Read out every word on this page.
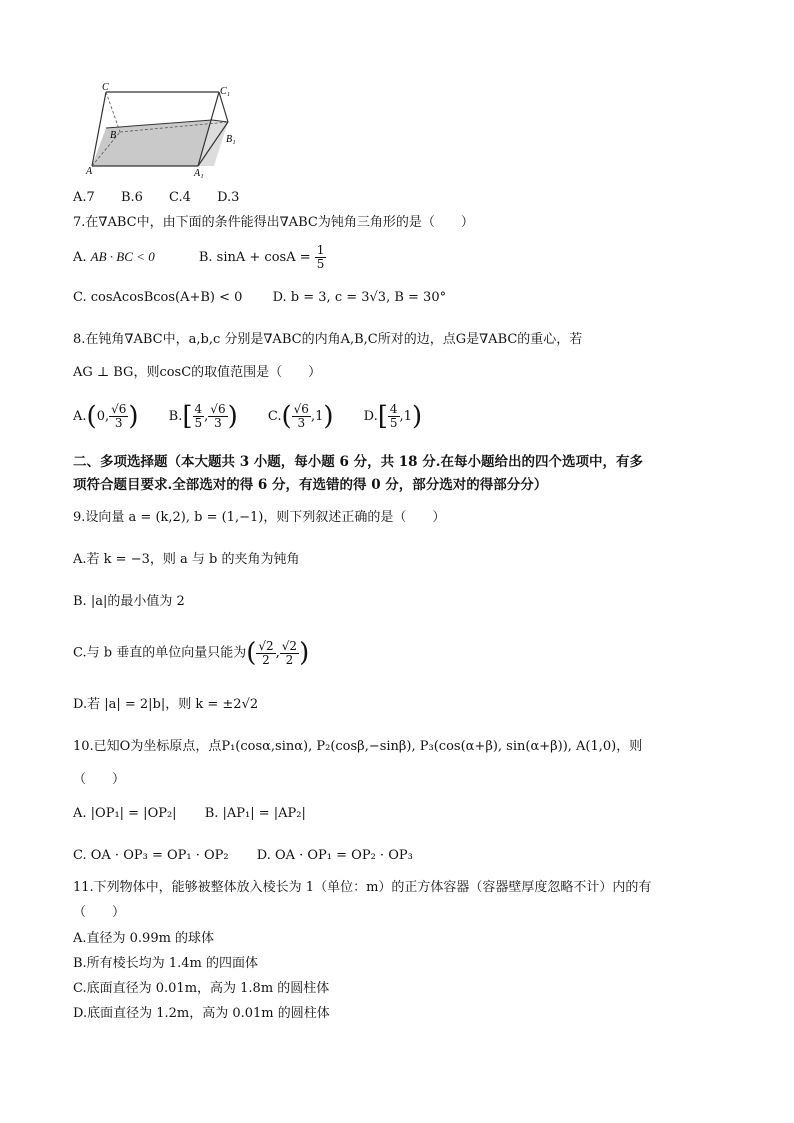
C	C₁
B	B₁
A	A₁
A.7 B.6 C.4 D.3
7.在∇ABC中，由下面的条件能得出∇ABC为钝角三角形的是（　　）
A. AB · BC < 0	B. $\sin A + \cos A = \frac{1}{5}$
C. cosAcosBcos(A+B) < 0 D. b = 3, c = 3√3, B = 30°
8.在钝角∇ABC中，a,b,c 分别是∇ABC的内角A,B,C所对的边，点G是∇ABC的重心，若
AG ⊥ BG，则cosC的取值范围是（　　）
A.(0, $\frac{√6}{3}$ ) $B.[ \frac{4}{5}$ , $\frac{√6}{3}$ ) $C.( \frac{√6}{3} ,1)$ $D.[ \frac{4}{5} ,1)$
二、多项选择题（本大题共 3 小题，每小题 6 分，共 18 分.在每小题给出的四个选项中，有多
项符合题目要求.全部选对的得 6 分，有选错的得 0 分，部分选对的得部分分）
9.设向量 a = (k,2), b = (1,−1)，则下列叙述正确的是（　　）
A.若 k = −3，则 a 与 b 的夹角为钝角
B. |a|的最小值为 2
C.与 b 垂直的单位向量只能为( $\frac{√2}{2}$ , $\frac{√2}{2}$ )
D.若 |a| = 2|b|，则 k = ±2√2
10.已知O为坐标原点，点P₁(cosα,sinα), P₂(cosβ,−sinβ), P₃(cos(α+β), sin(α+β)), A(1,0)，则
（　　）
A. |OP₁| = |OP₂| B. |AP₁| = |AP₂|
C. OA · OP₃ = OP₁ · OP₂ D. OA · OP₁ = OP₂ · OP₃
11.下列物体中，能够被整体放入棱长为 1（单位：m）的正方体容器（容器壁厚度忽略不计）内的有
（　　）
A.直径为 0.99m 的球体
B.所有棱长均为 1.4m 的四面体
C.底面直径为 0.01m，高为 1.8m 的圆柱体
D.底面直径为 1.2m，高为 0.01m 的圆柱体
